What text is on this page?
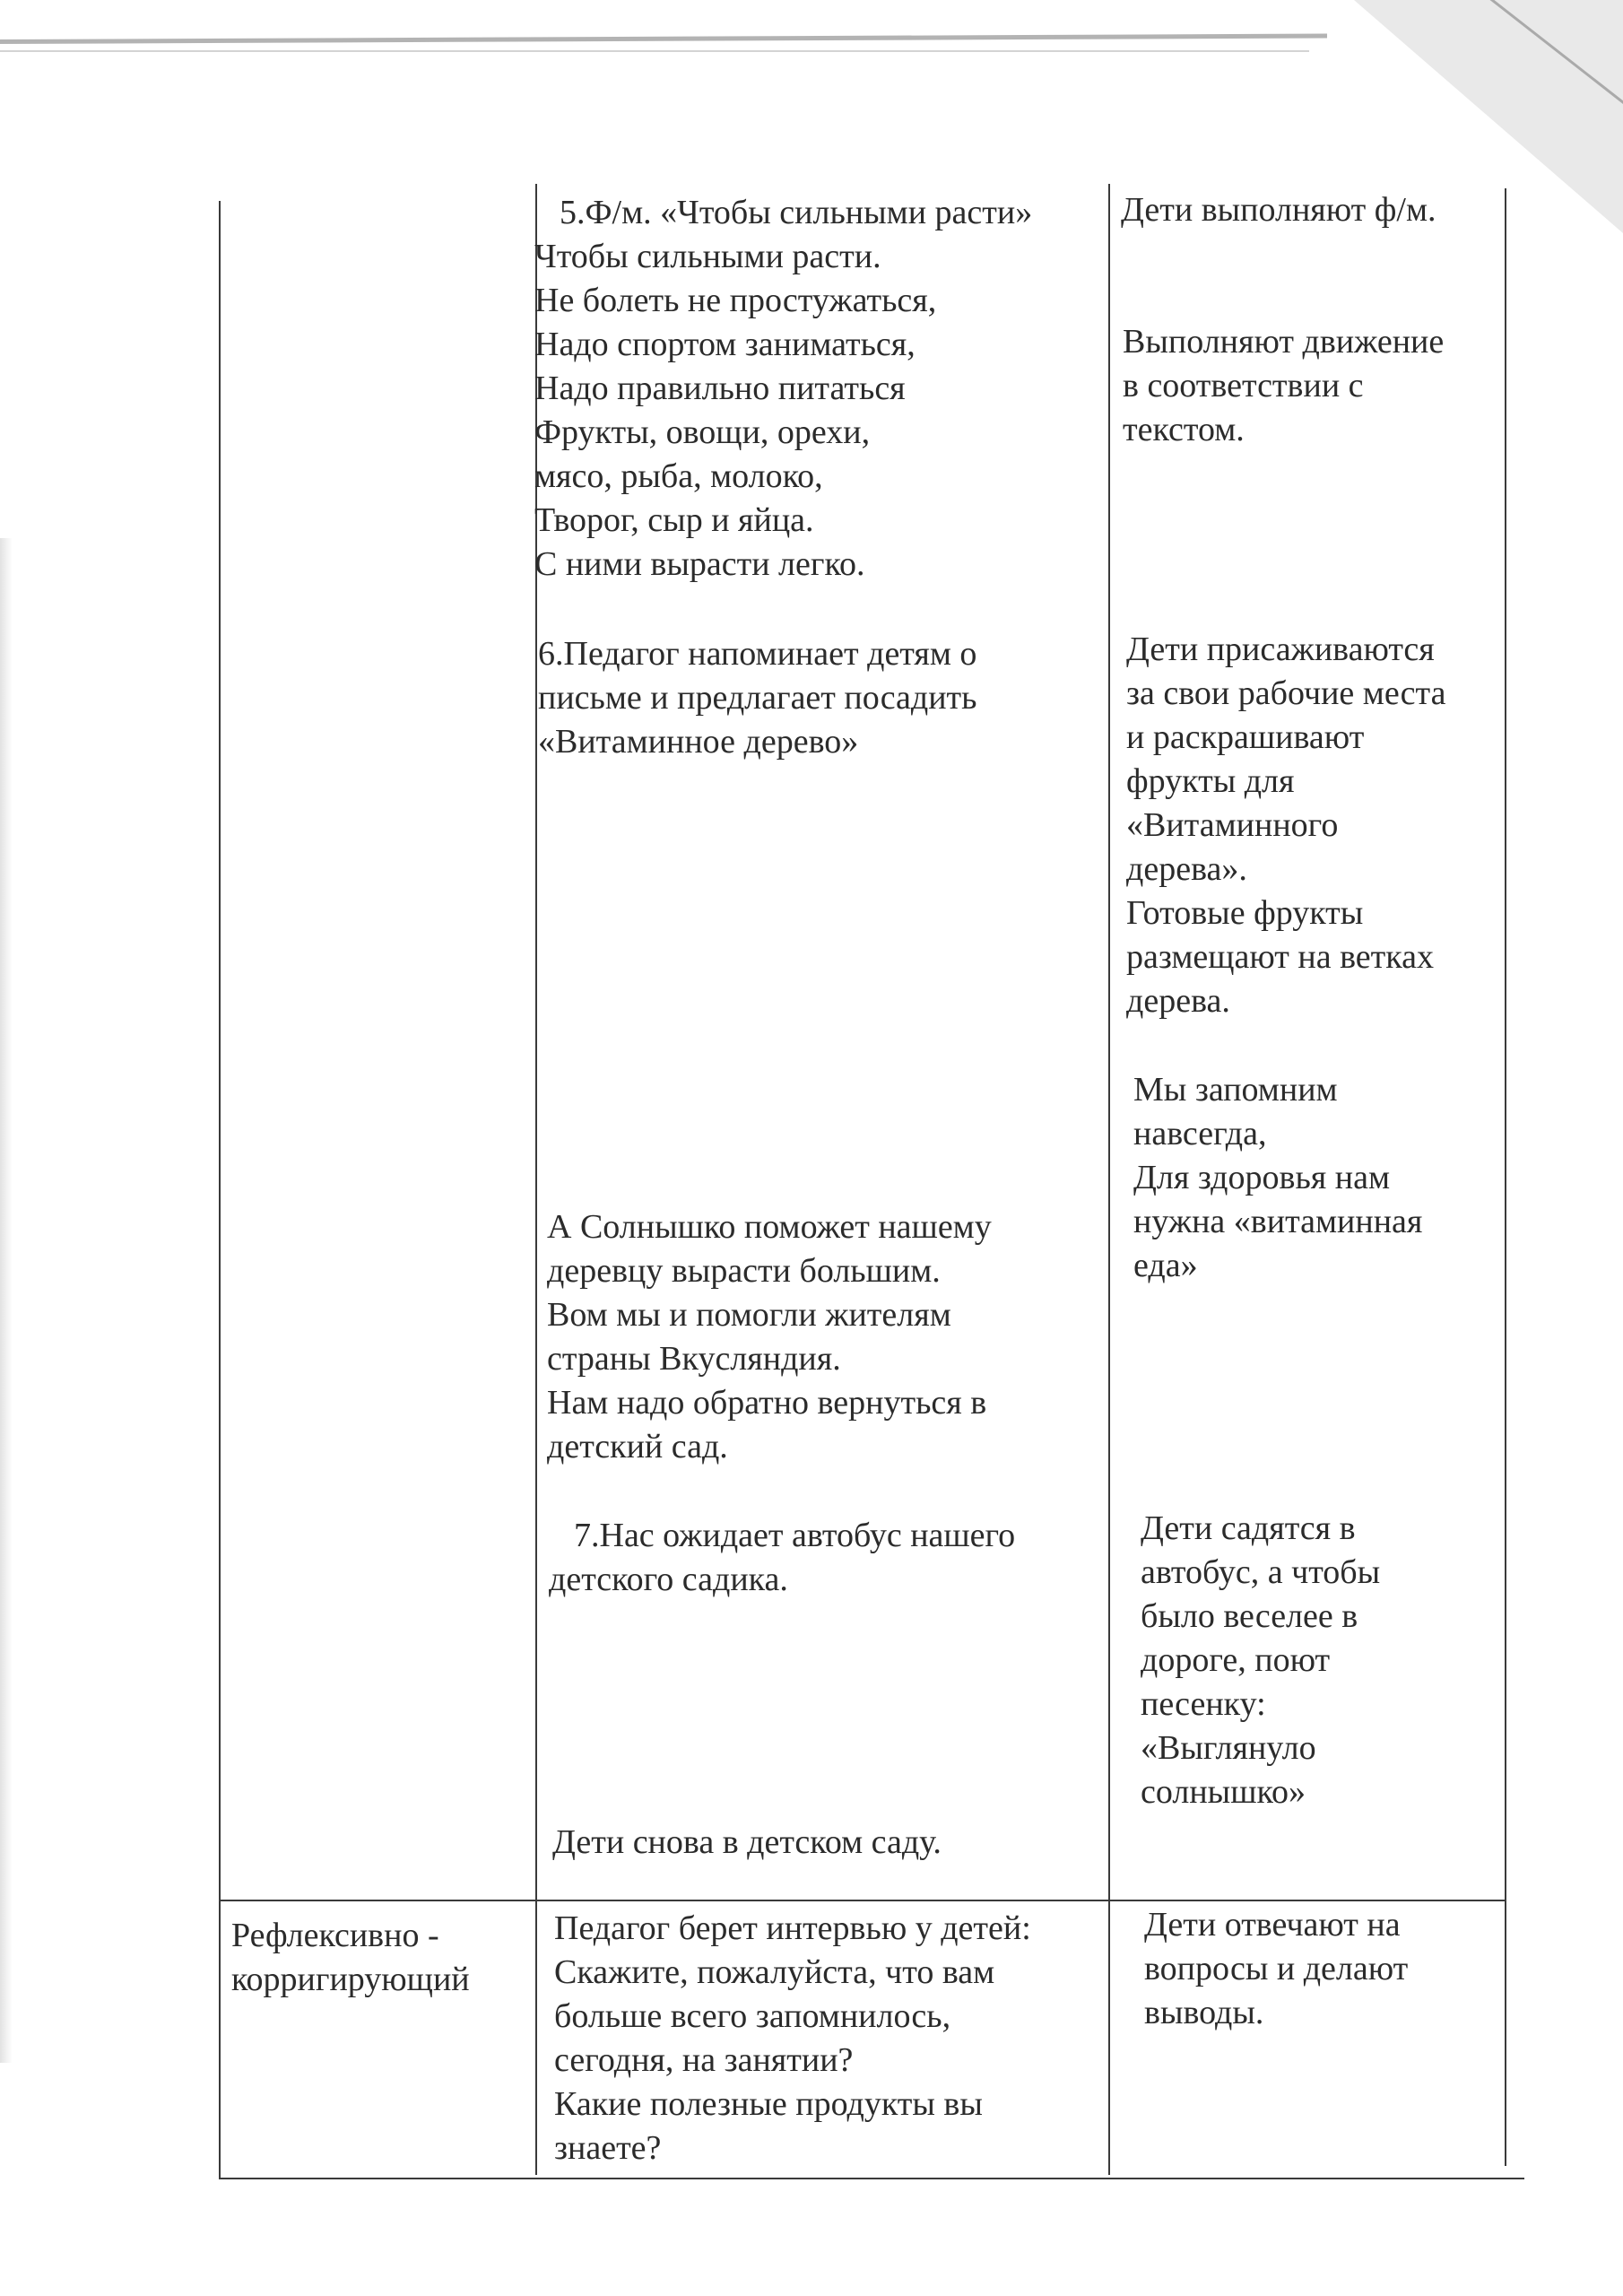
5.Ф/м. «Чтобы сильными расти»

Чтобы сильными расти.

Не болеть не простужаться,

Надо спортом заниматься,

Надо правильно питаться

Фрукты, овощи, орехи,

мясо, рыба, молоко,

Творог, сыр и яйца.

С ними вырасти легко.

6.Педагог напоминает детям о

письме и предлагает посадить

«Витаминное дерево»

А Солнышко поможет нашему

деревцу вырасти большим.

Вом мы и помогли жителям

страны Вкусляндия.

Нам надо обратно вернуться в

детский сад.

7.Нас ожидает автобус нашего

детского садика.

Дети снова в детском саду.

Дети выполняют ф/м.

Выполняют движение

в соответствии с

текстом.

Дети присаживаются

за свои рабочие места

и раскрашивают

фрукты для

«Витаминного

дерева».

Готовые фрукты

размещают на ветках

дерева.

Мы запомним

навсегда,

Для здоровья нам

нужна «витаминная

еда»

Дети садятся в

автобус, а чтобы

было веселее в

дороге, поют

песенку:

«Выглянуло

солнышко»

Рефлексивно -

корригирующий

Педагог берет интервью у детей:

Скажите, пожалуйста, что вам

больше всего запомнилось,

сегодня, на занятии?

Какие полезные продукты вы

знаете?

Дети отвечают на

вопросы и делают

выводы.
